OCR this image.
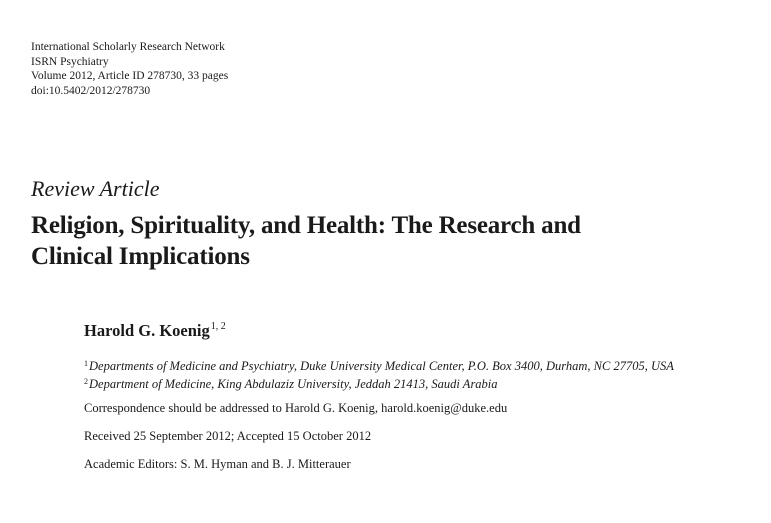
International Scholarly Research Network
ISRN Psychiatry
Volume 2012, Article ID 278730, 33 pages
doi:10.5402/2012/278730
Review Article
Religion, Spirituality, and Health: The Research and
Clinical Implications
Harold G. Koenig$^{1, 2}$
$^1$Departments of Medicine and Psychiatry, Duke University Medical Center, P.O. Box 3400, Durham, NC 27705, USA
$^2$Department of Medicine, King Abdulaziz University, Jeddah 21413, Saudi Arabia
Correspondence should be addressed to Harold G. Koenig, harold.koenig@duke.edu
Received 25 September 2012; Accepted 15 October 2012
Academic Editors: S. M. Hyman and B. J. Mitterauer
